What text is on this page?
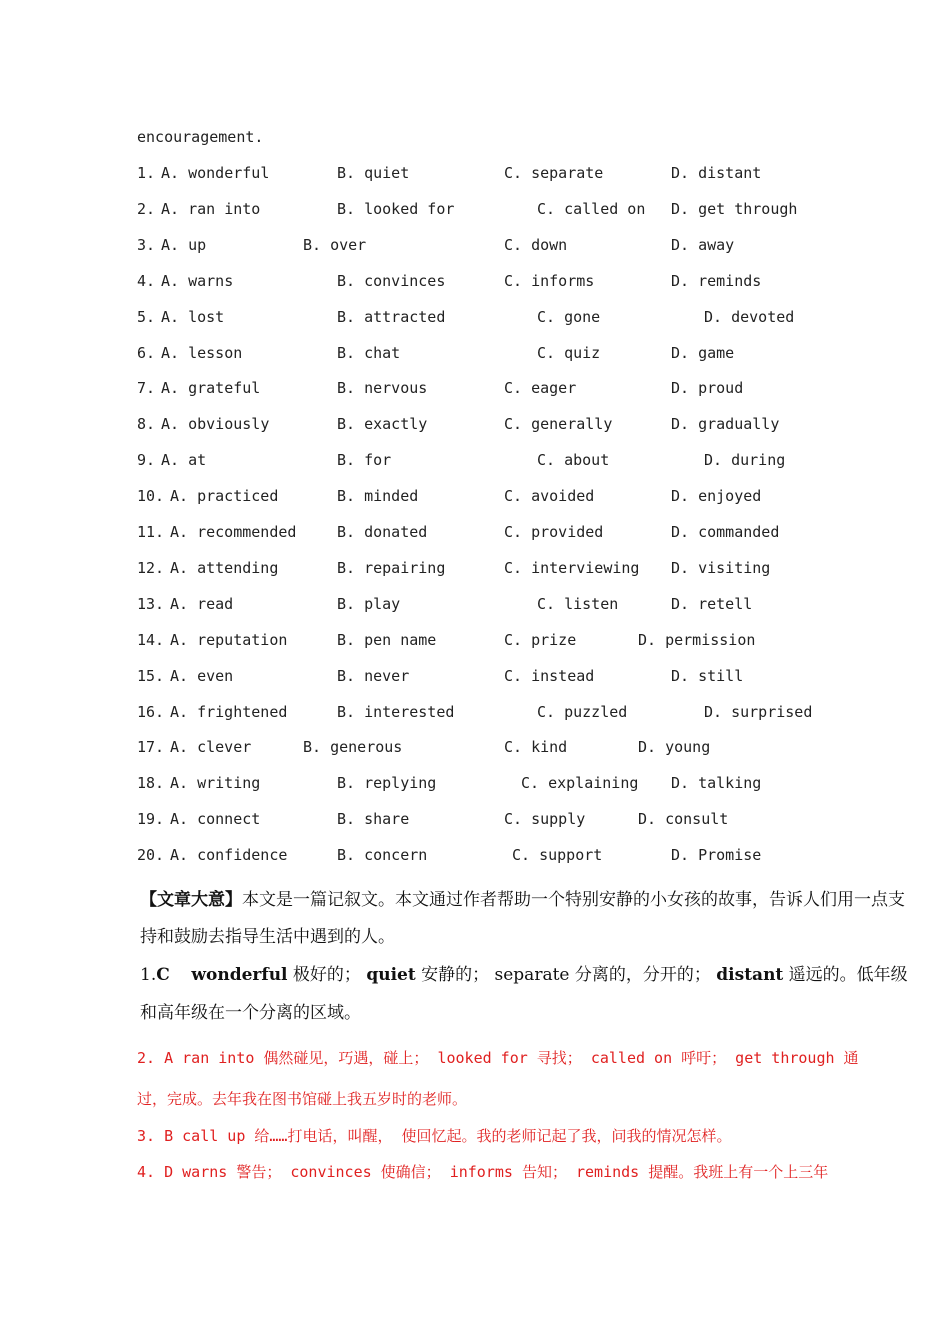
encouragement.
1. A. wonderful	B. quiet	C. separate	D. distant
2. A. ran into	B. looked for	C. called on D. get through
3. A. up	B. over	C. down	D. away
4. A. warns	B. convinces	C. informs	D. reminds
5. A. lost	B. attracted	C. gone	D. devoted
6. A. lesson	B. chat	C. quiz	D. game
7. A. grateful	B. nervous	C. eager	D. proud
8. A. obviously	B. exactly	C. generally	D. gradually
9. A. at	B. for	C. about	D. during
10. A. practiced	B. minded	C. avoided	D. enjoyed
11. A. recommended	B. donated	C. provided	D. commanded
12. A. attending	B. repairing	C. interviewing D. visiting
13. A. read	B. play	C. listen	D. retell
14. A. reputation	B. pen name	C. prize	D. permission
15. A. even	B. never	C. instead	D. still
16. A. frightened	B. interested	C. puzzled	D. surprised
17. A. clever	B. generous	C. kind	D. young
18. A. writing	B. replying	C. explaining D. talking
19. A. connect	B. share	C. supply	D. consult
20. A. confidence	B. concern	C. support	D. Promise
【文章大意】本文是一篇记叙文。本文通过作者帮助一个特别安静的小女孩的故事，告诉人们用一点支持和鼓励去指导生活中遇到的人。
1.C wonderful 极好的； quiet 安静的； separate 分离的，分开的； distant 遥远的。低年级和高年级在一个分离的区域。
2. A ran into 偶然碰见，巧遇，碰上； looked for 寻找； called on 呼吁； get through 通
过，完成。去年我在图书馆碰上我五岁时的老师。
3. B call up 给……打电话，叫醒， 使回忆起。我的老师记起了我，问我的情况怎样。
4. D warns 警告； convinces 使确信； informs 告知； reminds 提醒。我班上有一个上三年
